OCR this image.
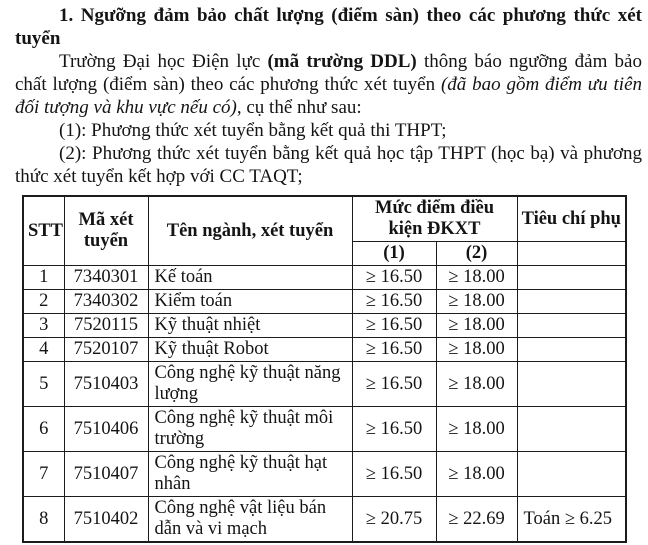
1. Ngưỡng đảm bảo chất lượng (điểm sàn) theo các phương thức xét tuyển

Trường Đại học Điện lực (mã trường DDL) thông báo ngưỡng đảm bảo chất lượng (điểm sàn) theo các phương thức xét tuyển (đã bao gồm điểm ưu tiên đối tượng và khu vực nếu có), cụ thể như sau:

(1): Phương thức xét tuyển bằng kết quả thi THPT;

(2): Phương thức xét tuyển bằng kết quả học tập THPT (học bạ) và phương thức xét tuyển kết hợp với CC TAQT;

STT	Mã xét tuyển	Tên ngành, xét tuyển	Mức điểm điều kiện ĐKXT		Tiêu chí phụ
			(1)	(2)	
1	7340301	Kế toán	≥ 16.50	≥ 18.00	
2	7340302	Kiểm toán	≥ 16.50	≥ 18.00	
3	7520115	Kỹ thuật nhiệt	≥ 16.50	≥ 18.00	
4	7520107	Kỹ thuật Robot	≥ 16.50	≥ 18.00	
5	7510403	Công nghệ kỹ thuật năng lượng	≥ 16.50	≥ 18.00	
6	7510406	Công nghệ kỹ thuật môi trường	≥ 16.50	≥ 18.00	
7	7510407	Công nghệ kỹ thuật hạt nhân	≥ 16.50	≥ 18.00	
8	7510402	Công nghệ vật liệu bán dẫn và vi mạch	≥ 20.75	≥ 22.69	Toán ≥ 6.25
